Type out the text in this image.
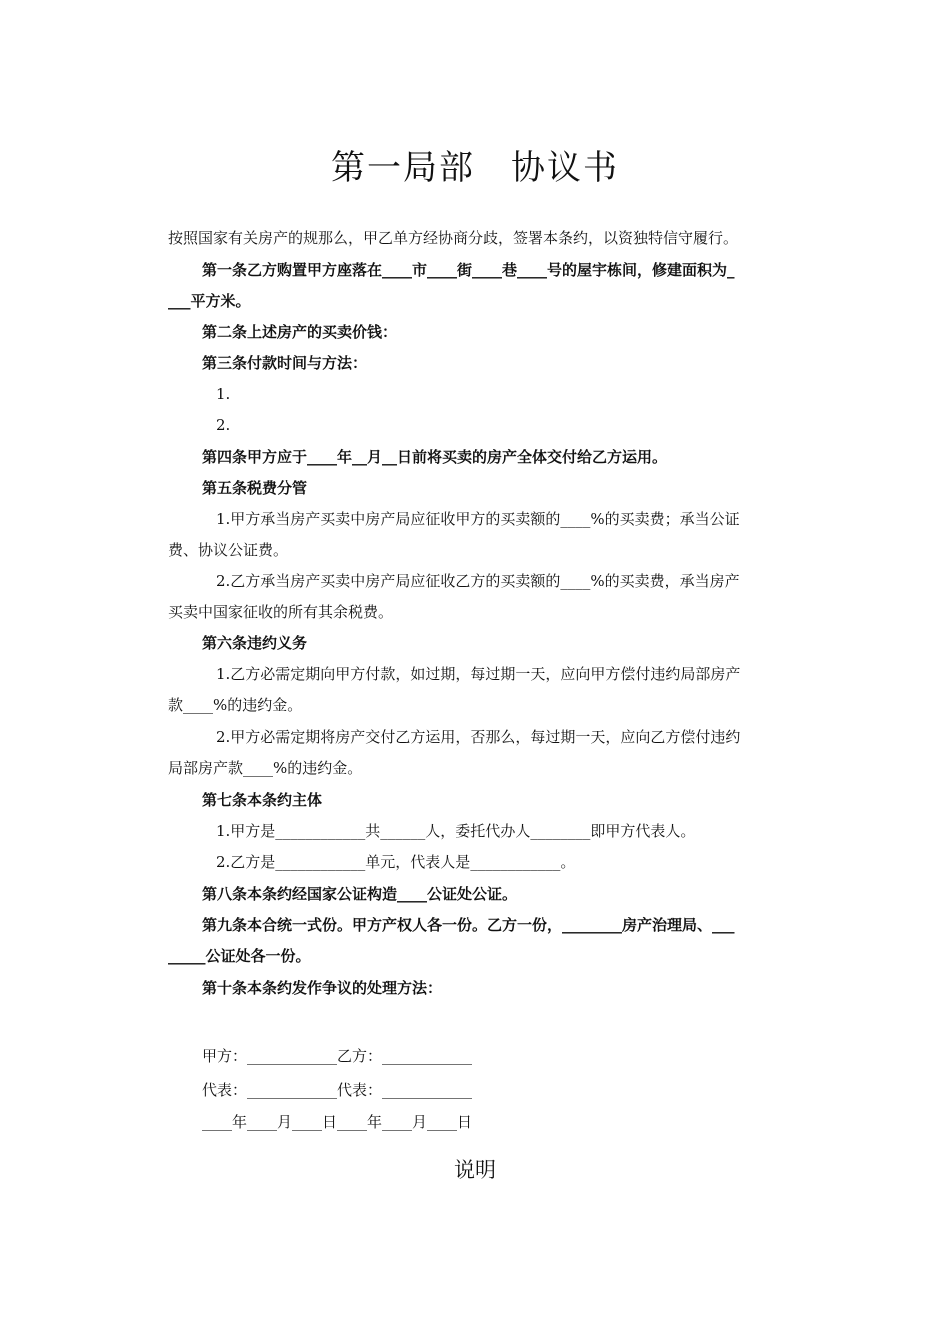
第一局部　协议书

按照国家有关房产的规那么，甲乙单方经协商分歧，签署本条约，以资独特信守履行。

第一条乙方购置甲方座落在____市____街____巷____号的屋宇栋间，修建面积为_

___平方米。

第二条上述房产的买卖价钱：

第三条付款时间与方法：

1.

2.

第四条甲方应于____年__月__日前将买卖的房产全体交付给乙方运用。

第五条税费分管

1.甲方承当房产买卖中房产局应征收甲方的买卖额的____%的买卖费；承当公证

费、协议公证费。

2.乙方承当房产买卖中房产局应征收乙方的买卖额的____%的买卖费，承当房产

买卖中国家征收的所有其余税费。

第六条违约义务

1.乙方必需定期向甲方付款，如过期，每过期一天，应向甲方偿付违约局部房产

款____%的违约金。

2.甲方必需定期将房产交付乙方运用，否那么，每过期一天，应向乙方偿付违约

局部房产款____%的违约金。

第七条本条约主体

1.甲方是____________共______人，委托代办人________即甲方代表人。

2.乙方是____________单元，代表人是____________。

第八条本条约经国家公证构造____公证处公证。

第九条本合统一式份。甲方产权人各一份。乙方一份，________房产治理局、___

_____公证处各一份。

第十条本条约发作争议的处理方法：

甲方：____________乙方：____________

代表：____________代表：____________

____年____月____日____年____月____日

说明
